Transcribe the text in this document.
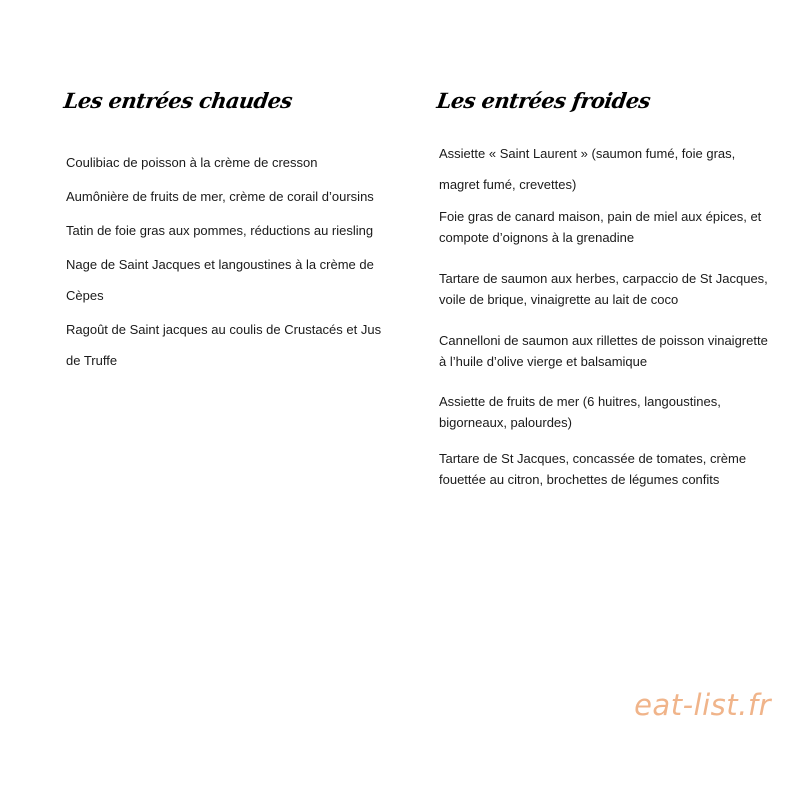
Les entrées chaudes
Coulibiac de poisson à la crème de cresson
Aumônière de fruits de mer, crème de corail d’oursins
Tatin de foie gras aux pommes, réductions au riesling
Nage de Saint Jacques et langoustines à la crème de Cèpes
Ragoût de Saint jacques au coulis de Crustacés et Jus de Truffe
Les entrées froides
Assiette « Saint Laurent » (saumon fumé, foie gras, magret fumé, crevettes)
Foie gras de canard maison, pain de miel aux épices, et compote d’oignons à la grenadine
Tartare de saumon aux herbes, carpaccio de St Jacques, voile de brique, vinaigrette au lait de coco
Cannelloni de saumon aux rillettes de poisson vinaigrette à l’huile d’olive vierge et balsamique
Assiette de fruits de mer (6 huitres, langoustines, bigorneaux, palourdes)
Tartare de St Jacques, concassée de tomates, crème fouettée au citron, brochettes de légumes confits
eat-list.fr
